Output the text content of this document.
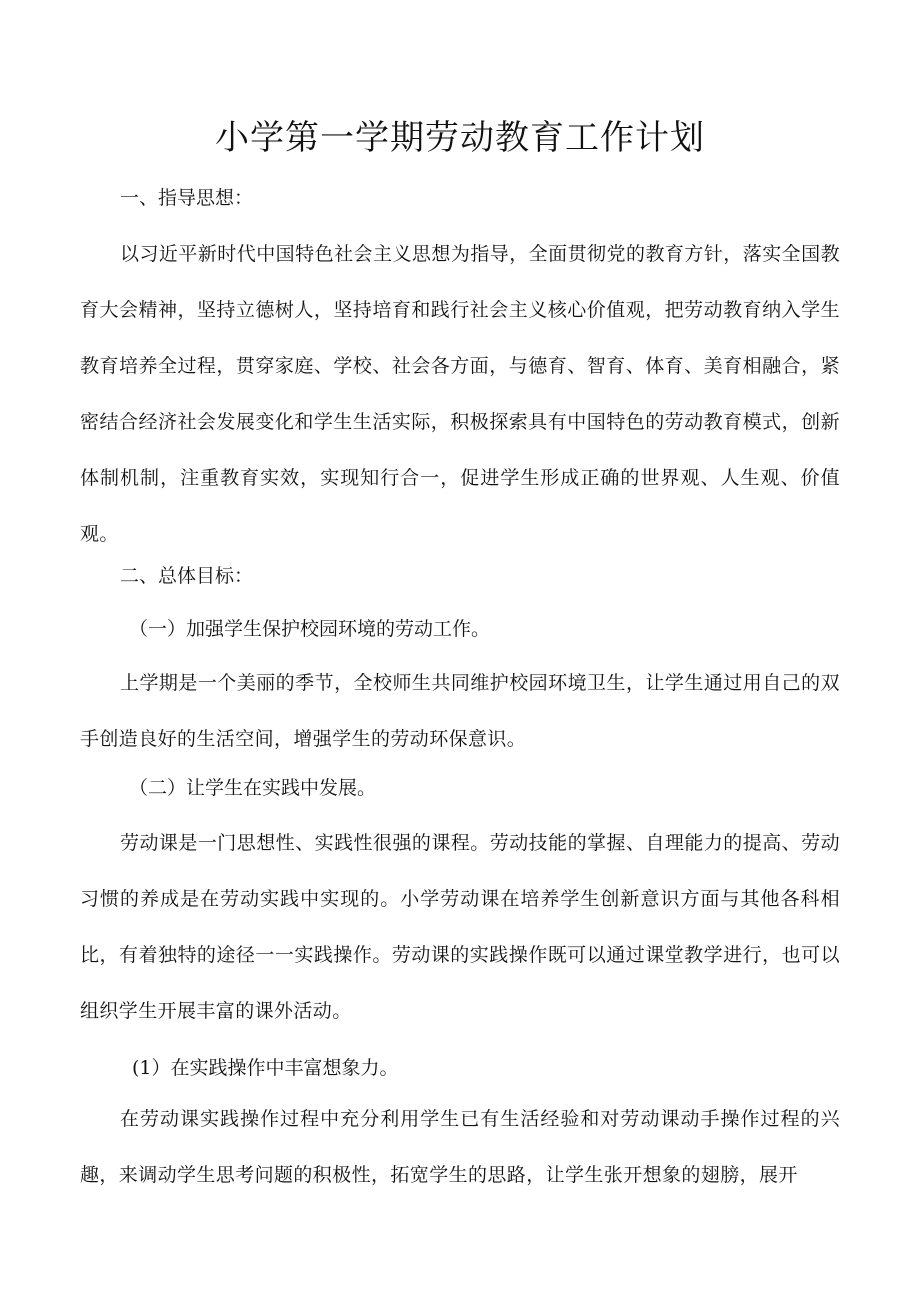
小学第一学期劳动教育工作计划

一、指导思想：

以习近平新时代中国特色社会主义思想为指导，全面贯彻党的教育方针，落实全国教育大会精神，坚持立德树人，坚持培育和践行社会主义核心价值观，把劳动教育纳入学生教育培养全过程，贯穿家庭、学校、社会各方面，与德育、智育、体育、美育相融合，紧密结合经济社会发展变化和学生生活实际，积极探索具有中国特色的劳动教育模式，创新体制机制，注重教育实效，实现知行合一，促进学生形成正确的世界观、人生观、价值观。

二、总体目标：

（一）加强学生保护校园环境的劳动工作。

上学期是一个美丽的季节，全校师生共同维护校园环境卫生，让学生通过用自己的双手创造良好的生活空间，增强学生的劳动环保意识。

（二）让学生在实践中发展。

劳动课是一门思想性、实践性很强的课程。劳动技能的掌握、自理能力的提高、劳动习惯的养成是在劳动实践中实现的。小学劳动课在培养学生创新意识方面与其他各科相比，有着独特的途径一一实践操作。劳动课的实践操作既可以通过课堂教学进行，也可以组织学生开展丰富的课外活动。

(1）在实践操作中丰富想象力。

在劳动课实践操作过程中充分利用学生已有生活经验和对劳动课动手操作过程的兴趣，来调动学生思考问题的积极性，拓宽学生的思路，让学生张开想象的翅膀，展开
